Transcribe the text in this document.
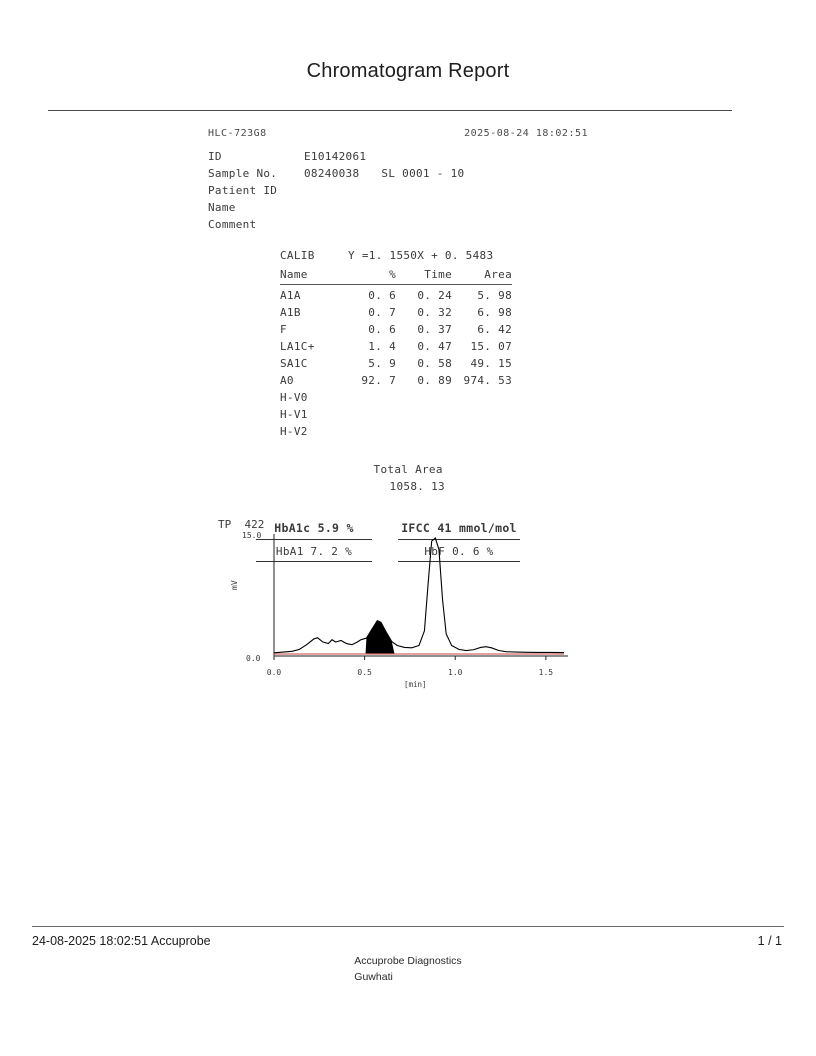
Chromatogram Report
HLC-723G8	2025-08-24 18:02:51
ID	E10142061
Sample No.	08240038 SL 0001 - 10
Patient ID
Name
Comment
CALIB	Y =1. 1550X + 0. 5483
Name	%	Time	Area
A1A	0. 6	0. 24	5. 98
A1B	0. 7	0. 32	6. 98
F	0. 6	0. 37	6. 42
LA1C+	1. 4	0. 47	15. 07
SA1C	5. 9	0. 58	49. 15
A0	92. 7	0. 89	974. 53
H-V0			
H-V1			
H-V2			

Total Area
1058. 13

HbA1c 5.9 %	IFCC 41 mmol/mol
HbA1 7. 2 %	HbF 0. 6 %
TP  422
15.0
0.0
mV
0.0	0.5	1.0	1.5
[min]
24-08-2025 18:02:51 Accuprobe	1 / 1
Accuprobe Diagnostics
Guwhati
